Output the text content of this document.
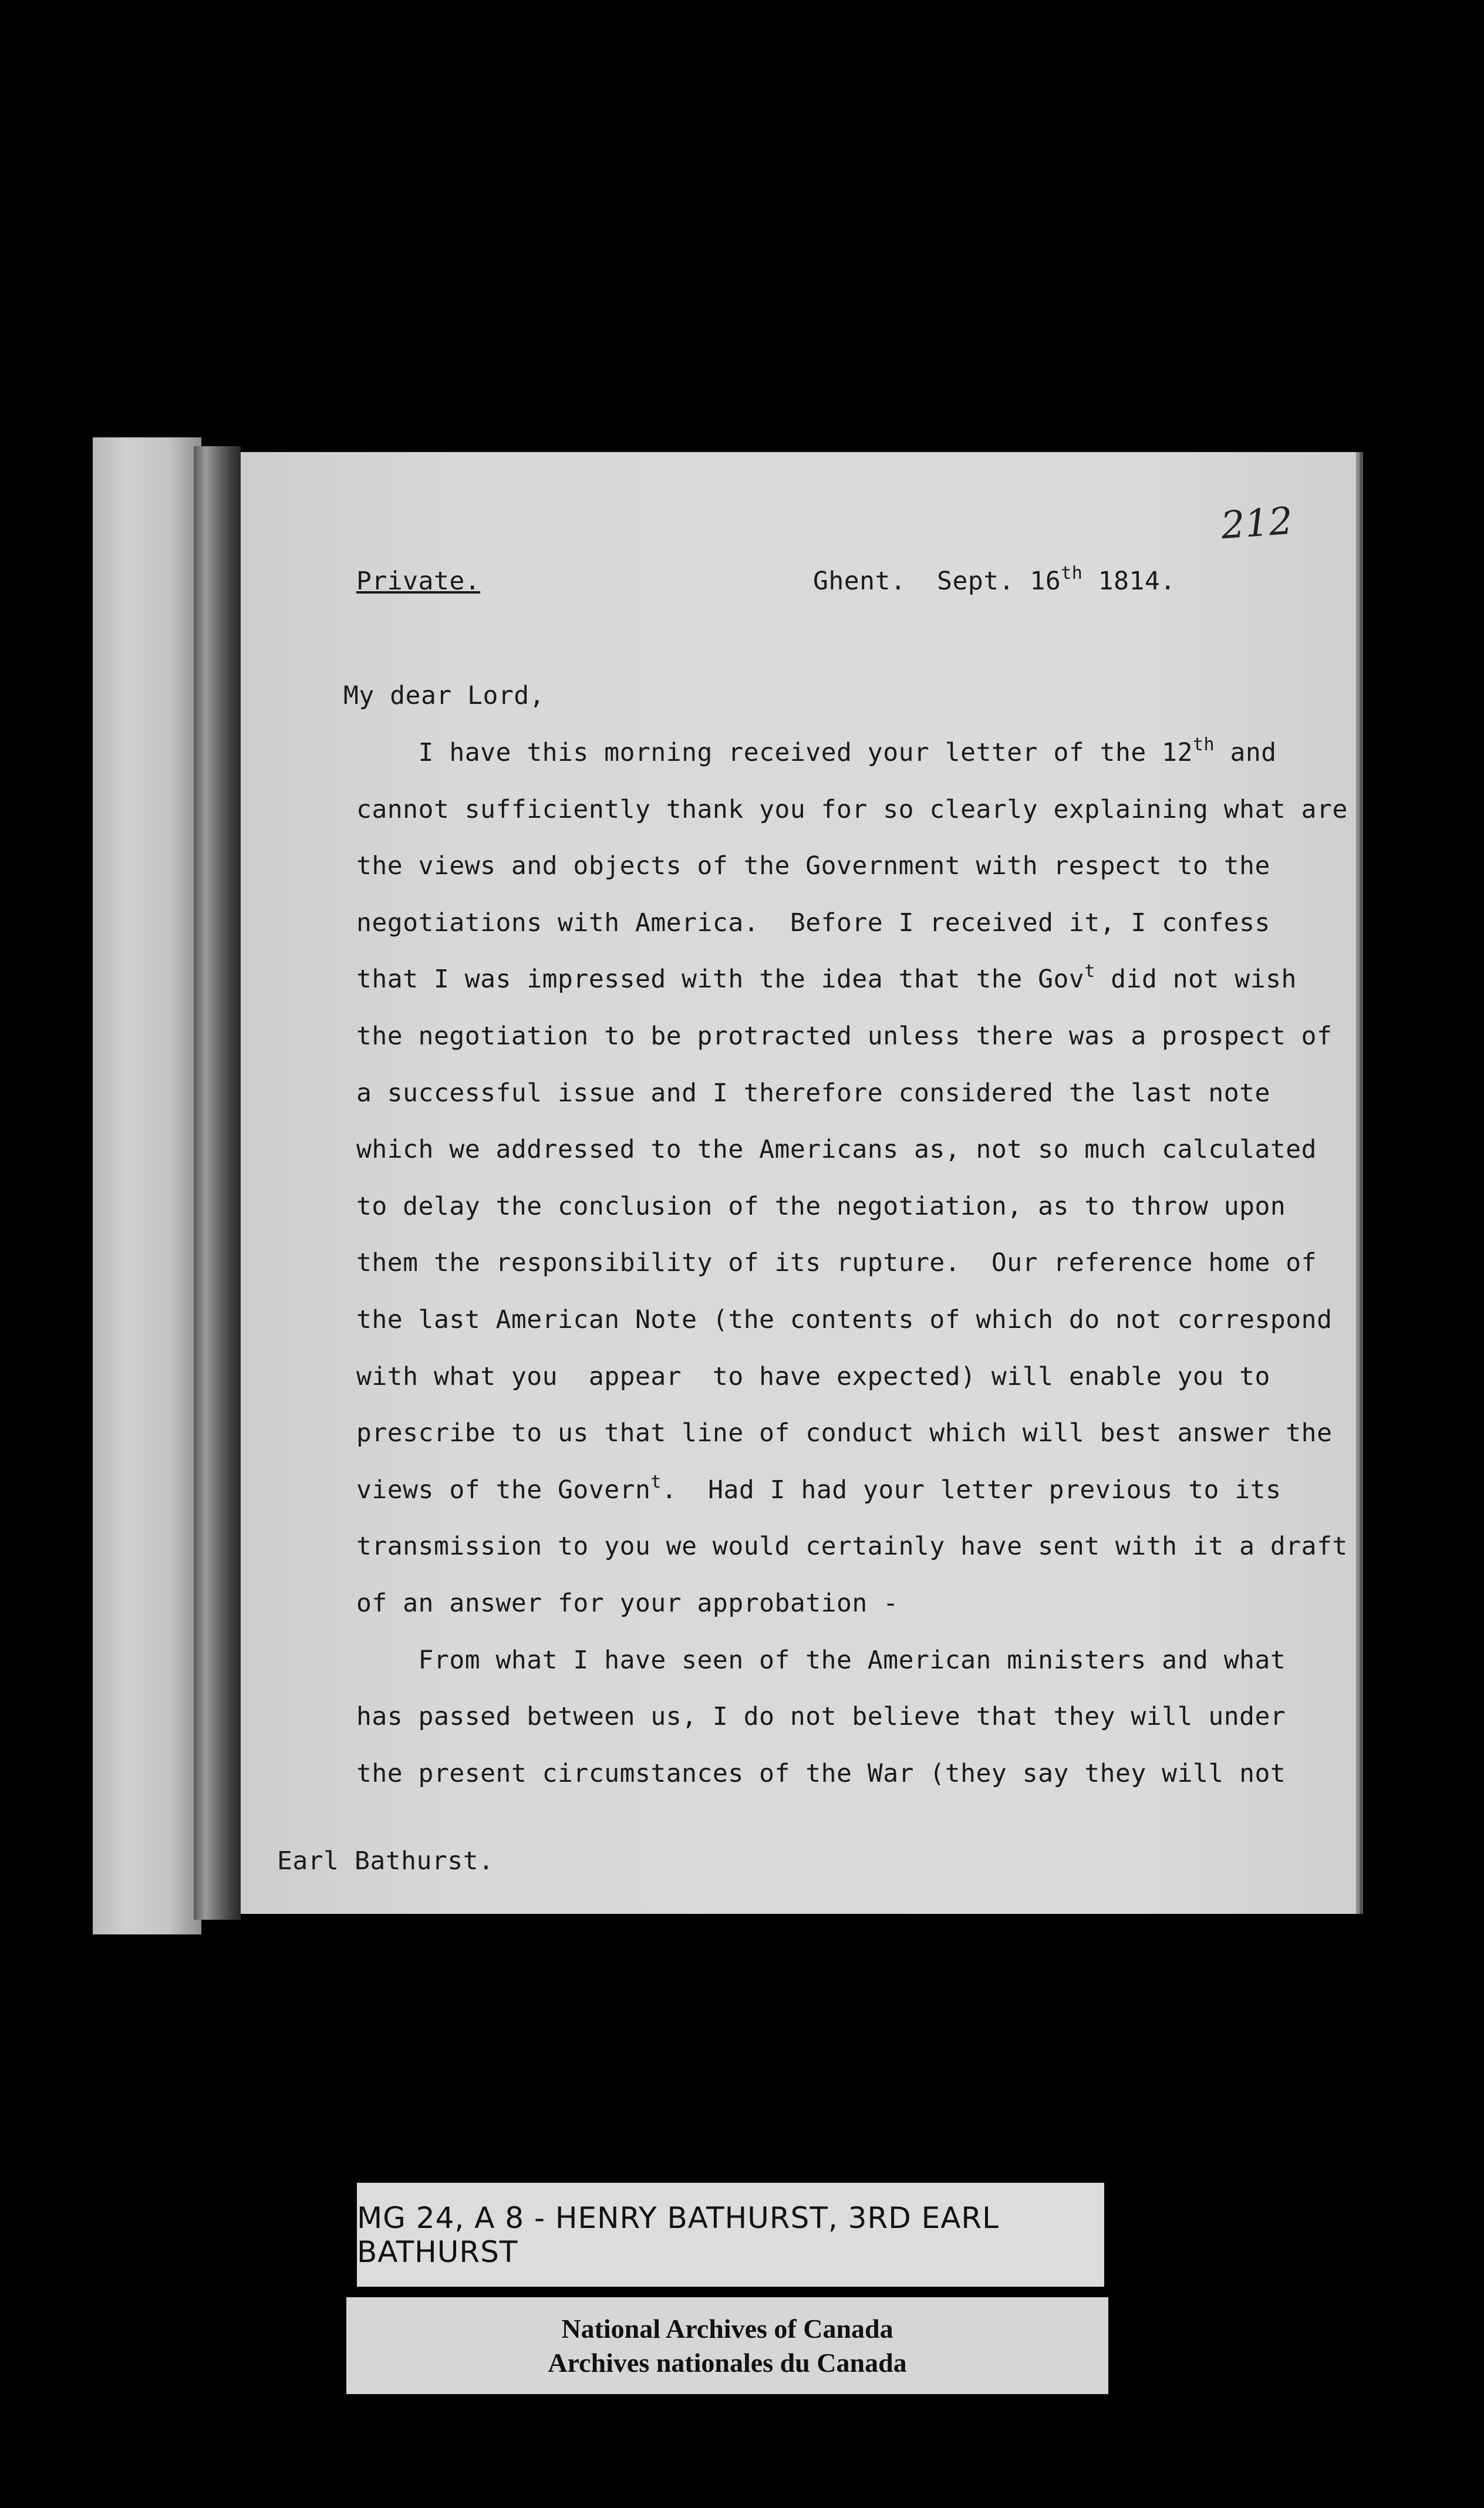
212
Private.	Ghent.  Sept. 16th 1814.
My dear Lord,
I have this morning received your letter of the 12th and
cannot sufficiently thank you for so clearly explaining what are
the views and objects of the Government with respect to the
negotiations with America.  Before I received it, I confess
that I was impressed with the idea that the Gov$^t$ did not wish
the negotiation to be protracted unless there was a prospect of
a successful issue and I therefore considered the last note
which we addressed to the Americans as, not so much calculated
to delay the conclusion of the negotiation, as to throw upon
them the responsibility of its rupture.  Our reference home of
the last American Note (the contents of which do not correspond
with what you  appear  to have expected) will enable you to
prescribe to us that line of conduct which will best answer the
views of the Govern$^t$.  Had I had your letter previous to its
transmission to you we would certainly have sent with it a draft
of an answer for your approbation -
From what I have seen of the American ministers and what
has passed between us, I do not believe that they will under
the present circumstances of the War (they say they will not
Earl Bathurst.
MG 24, A 8 - HENRY BATHURST, 3RD EARL BATHURST
National Archives of Canada
Archives nationales du Canada
